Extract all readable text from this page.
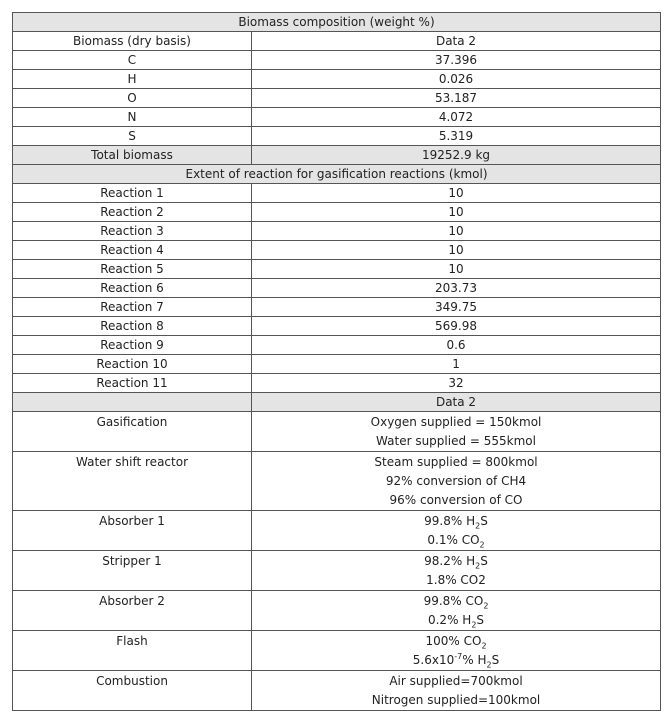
Biomass composition (weight %)	
Biomass (dry basis)	Data 2
C	37.396
H	0.026
O	53.187
N	4.072
S	5.319
Total biomass	19252.9 kg
Extent of reaction for gasification reactions (kmol)	
Reaction 1	10
Reaction 2	10
Reaction 3	10
Reaction 4	10
Reaction 5	10
Reaction 6	203.73
Reaction 7	349.75
Reaction 8	569.98
Reaction 9	0.6
Reaction 10	1
Reaction 11	32
	Data 2
Gasification	Oxygen supplied = 150kmol
Water supplied = 555kmol

Water shift reactor	Steam supplied = 800kmol
92% conversion of CH4
96% conversion of CO

Absorber 1	99.8% $H_2S$
0.1% $CO_2$

Stripper 1	98.2% $H_2S$
1.8% CO2

Absorber 2	99.8% $CO_2$
0.2% $H_2S$

Flash	100% $CO_2$
$5.6x10^{-7}\%$ $H_2S$

Combustion	Air supplied=700kmol
Nitrogen supplied=100kmol
